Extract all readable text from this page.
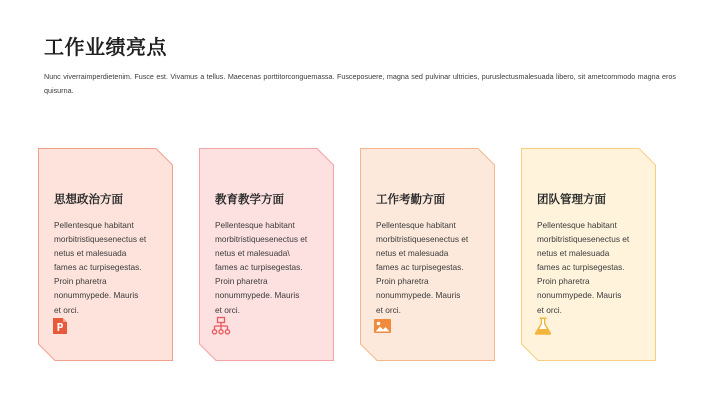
工作业绩亮点
Nunc viverraimperdietenim. Fusce est. Vivamus a tellus. Maecenas porttitorconguemassa. Fusceposuere, magna sed pulvinar ultricies, puruslectusmalesuada libero, sit ametcommodo magna eros quisurna.
思想政治方面
Pellentesque habitant
morbitristiquesenectus et
netus et malesuada
fames ac turpisegestas.
Proin pharetra
nonummypede. Mauris
et orci.
教育教学方面
Pellentesque habitant
morbitristiquesenectus et
netus et malesuada\
fames ac turpisegestas.
Proin pharetra
nonummypede. Mauris
et orci.
工作考勤方面
Pellentesque habitant
morbitristiquesenectus et
netus et malesuada
fames ac turpisegestas.
Proin pharetra
nonummypede. Mauris
et orci.
团队管理方面
Pellentesque habitant
morbitristiquesenectus et
netus et malesuada
fames ac turpisegestas.
Proin pharetra
nonummypede. Mauris
et orci.
